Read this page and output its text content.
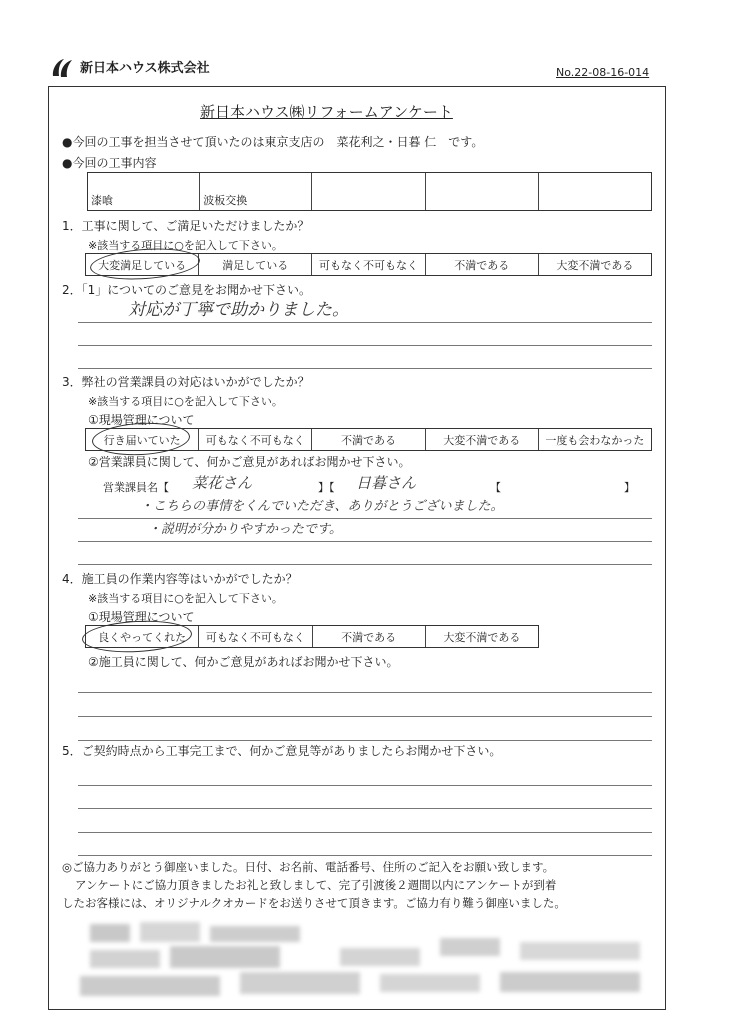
新日本ハウス株式会社	No.22-08-16-014
新日本ハウス㈱リフォームアンケート
●今回の工事を担当させて頂いたのは東京支店の　菜花利之・日暮 仁　です。
●今回の工事内容
漆喰	波板交換
1．工事に関して、ご満足いただけましたか？
※該当する項目に○を記入して下さい。
大変満足している	満足している	可もなく不可もなく	不満である	大変不満である
2．「1」についてのご意見をお聞かせ下さい。
対応が丁寧で助かりました。
3．弊社の営業課員の対応はいかがでしたか？
※該当する項目に○を記入して下さい。
①現場管理について
行き届いていた	可もなく不可もなく	不満である	大変不満である	一度も会わなかった
②営業課員に関して、何かご意見があればお聞かせ下さい。
営業課員名【 菜花さん	】【 日暮さん	】
【
・こちらの事情をくんでいただき、ありがとうございました。
・説明が分かりやすかったです。
4．施工員の作業内容等はいかがでしたか？
※該当する項目に○を記入して下さい。
①現場管理について
良くやってくれた	可もなく不可もなく	不満である	大変不満である
②施工員に関して、何かご意見があればお聞かせ下さい。
5．ご契約時点から工事完工まで、何かご意見等がありましたらお聞かせ下さい。
◎ご協力ありがとう御座いました。日付、お名前、電話番号、住所のご記入をお願い致します。
アンケートにご協力頂きましたお礼と致しまして、完了引渡後２週間以内にアンケートが到着
したお客様には、オリジナルクオカードをお送りさせて頂きます。ご協力有り難う御座いました。
